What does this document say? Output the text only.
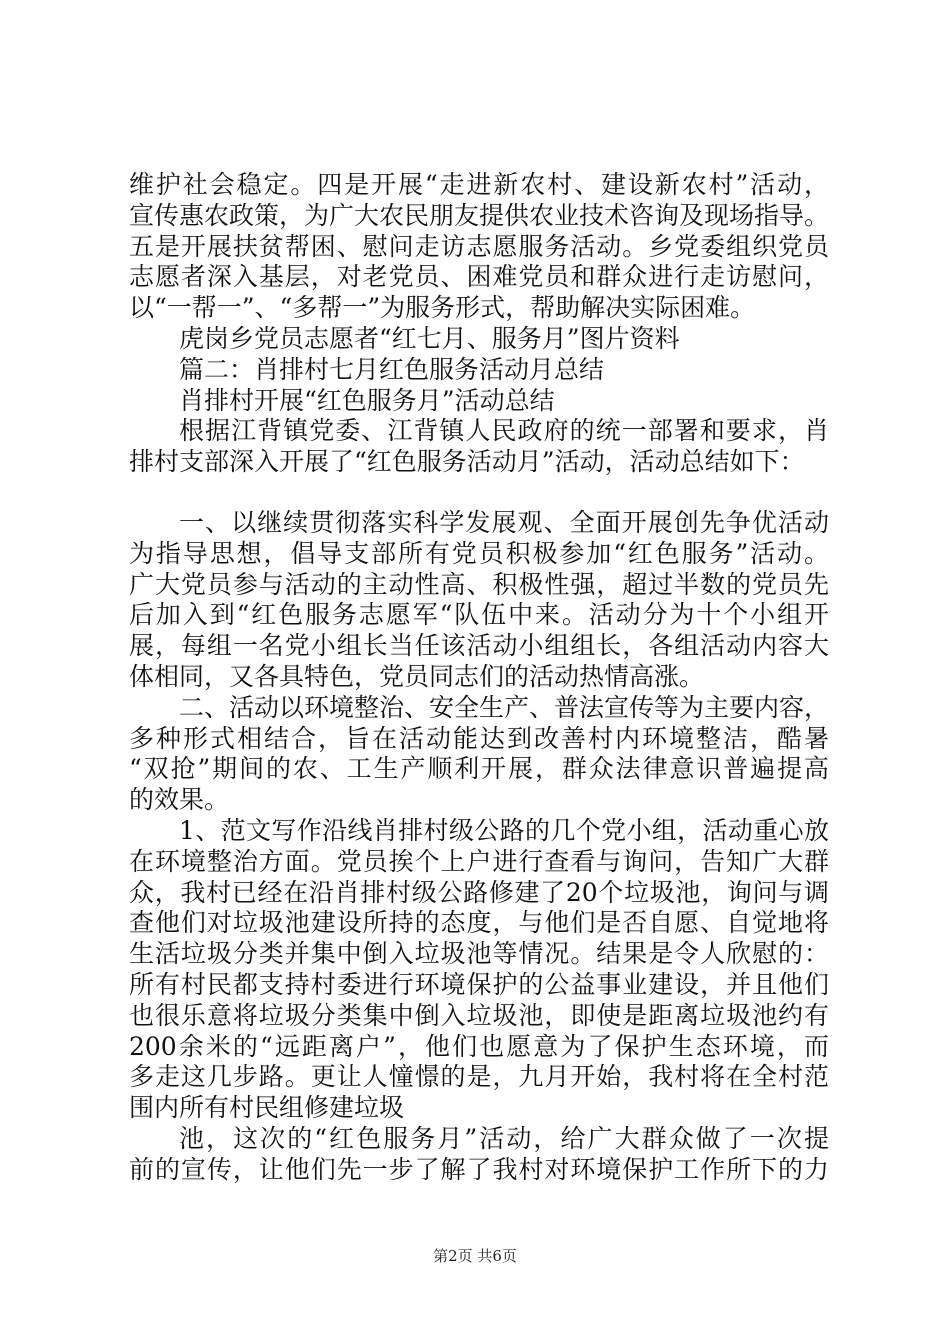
维护社会稳定。四是开展“走进新农村、建设新农村”活动，
宣传惠农政策，为广大农民朋友提供农业技术咨询及现场指导。
五是开展扶贫帮困、慰问走访志愿服务活动。乡党委组织党员
志愿者深入基层，对老党员、困难党员和群众进行走访慰问，
以“一帮一”、“多帮一”为服务形式，帮助解决实际困难。
虎岗乡党员志愿者“红七月、服务月”图片资料
篇二：肖排村七月红色服务活动月总结
肖排村开展“红色服务月”活动总结
根据江背镇党委、江背镇人民政府的统一部署和要求，肖
排村支部深入开展了“红色服务活动月”活动，活动总结如下：
一、以继续贯彻落实科学发展观、全面开展创先争优活动
为指导思想，倡导支部所有党员积极参加“红色服务”活动。
广大党员参与活动的主动性高、积极性强，超过半数的党员先
后加入到“红色服务志愿军“队伍中来。活动分为十个小组开
展，每组一名党小组长当任该活动小组组长，各组活动内容大
体相同，又各具特色，党员同志们的活动热情高涨。
二、活动以环境整治、安全生产、普法宣传等为主要内容，
多种形式相结合，旨在活动能达到改善村内环境整洁，酷暑
“双抢”期间的农、工生产顺利开展，群众法律意识普遍提高
的效果。
1、范文写作沿线肖排村级公路的几个党小组，活动重心放
在环境整治方面。党员挨个上户进行查看与询问，告知广大群
众，我村已经在沿肖排村级公路修建了20个垃圾池，询问与调
查他们对垃圾池建设所持的态度，与他们是否自愿、自觉地将
生活垃圾分类并集中倒入垃圾池等情况。结果是令人欣慰的：
所有村民都支持村委进行环境保护的公益事业建设，并且他们
也很乐意将垃圾分类集中倒入垃圾池，即使是距离垃圾池约有
200余米的“远距离户”，他们也愿意为了保护生态环境，而
多走这几步路。更让人憧憬的是，九月开始，我村将在全村范
围内所有村民组修建垃圾
池，这次的“红色服务月”活动，给广大群众做了一次提
前的宣传，让他们先一步了解了我村对环境保护工作所下的力
第2页 共6页
